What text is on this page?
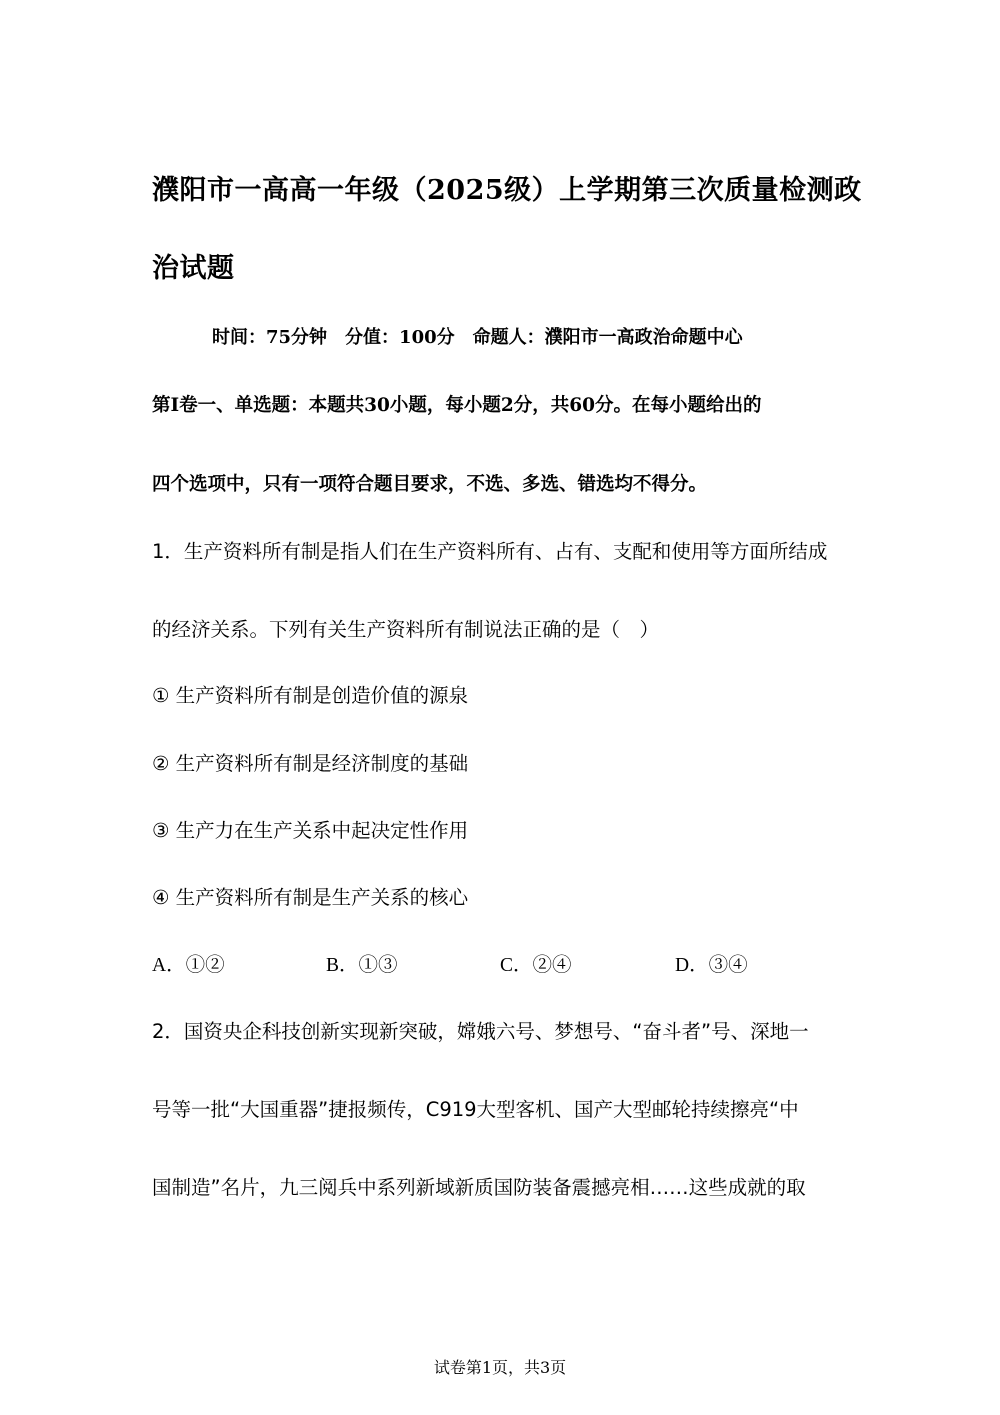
濮阳市一高高一年级（2025级）上学期第三次质量检测政
治试题
时间：75分钟　分值：100分　命题人：濮阳市一高政治命题中心
第Ⅰ卷一、单选题：本题共30小题，每小题2分，共60分。在每小题给出的
四个选项中，只有一项符合题目要求，不选、多选、错选均不得分。
1．生产资料所有制是指人们在生产资料所有、占有、支配和使用等方面所结成
的经济关系。下列有关生产资料所有制说法正确的是（　）
① 生产资料所有制是创造价值的源泉
② 生产资料所有制是经济制度的基础
③ 生产力在生产关系中起决定性作用
④ 生产资料所有制是生产关系的核心
A．①②	B．①③	C．②④	D．③④
2．国资央企科技创新实现新突破，嫦娥六号、梦想号、“奋斗者”号、深地一
号等一批“大国重器”捷报频传，C919大型客机、国产大型邮轮持续擦亮“中
国制造”名片，九三阅兵中系列新域新质国防装备震撼亮相……这些成就的取
试卷第1页，共3页
